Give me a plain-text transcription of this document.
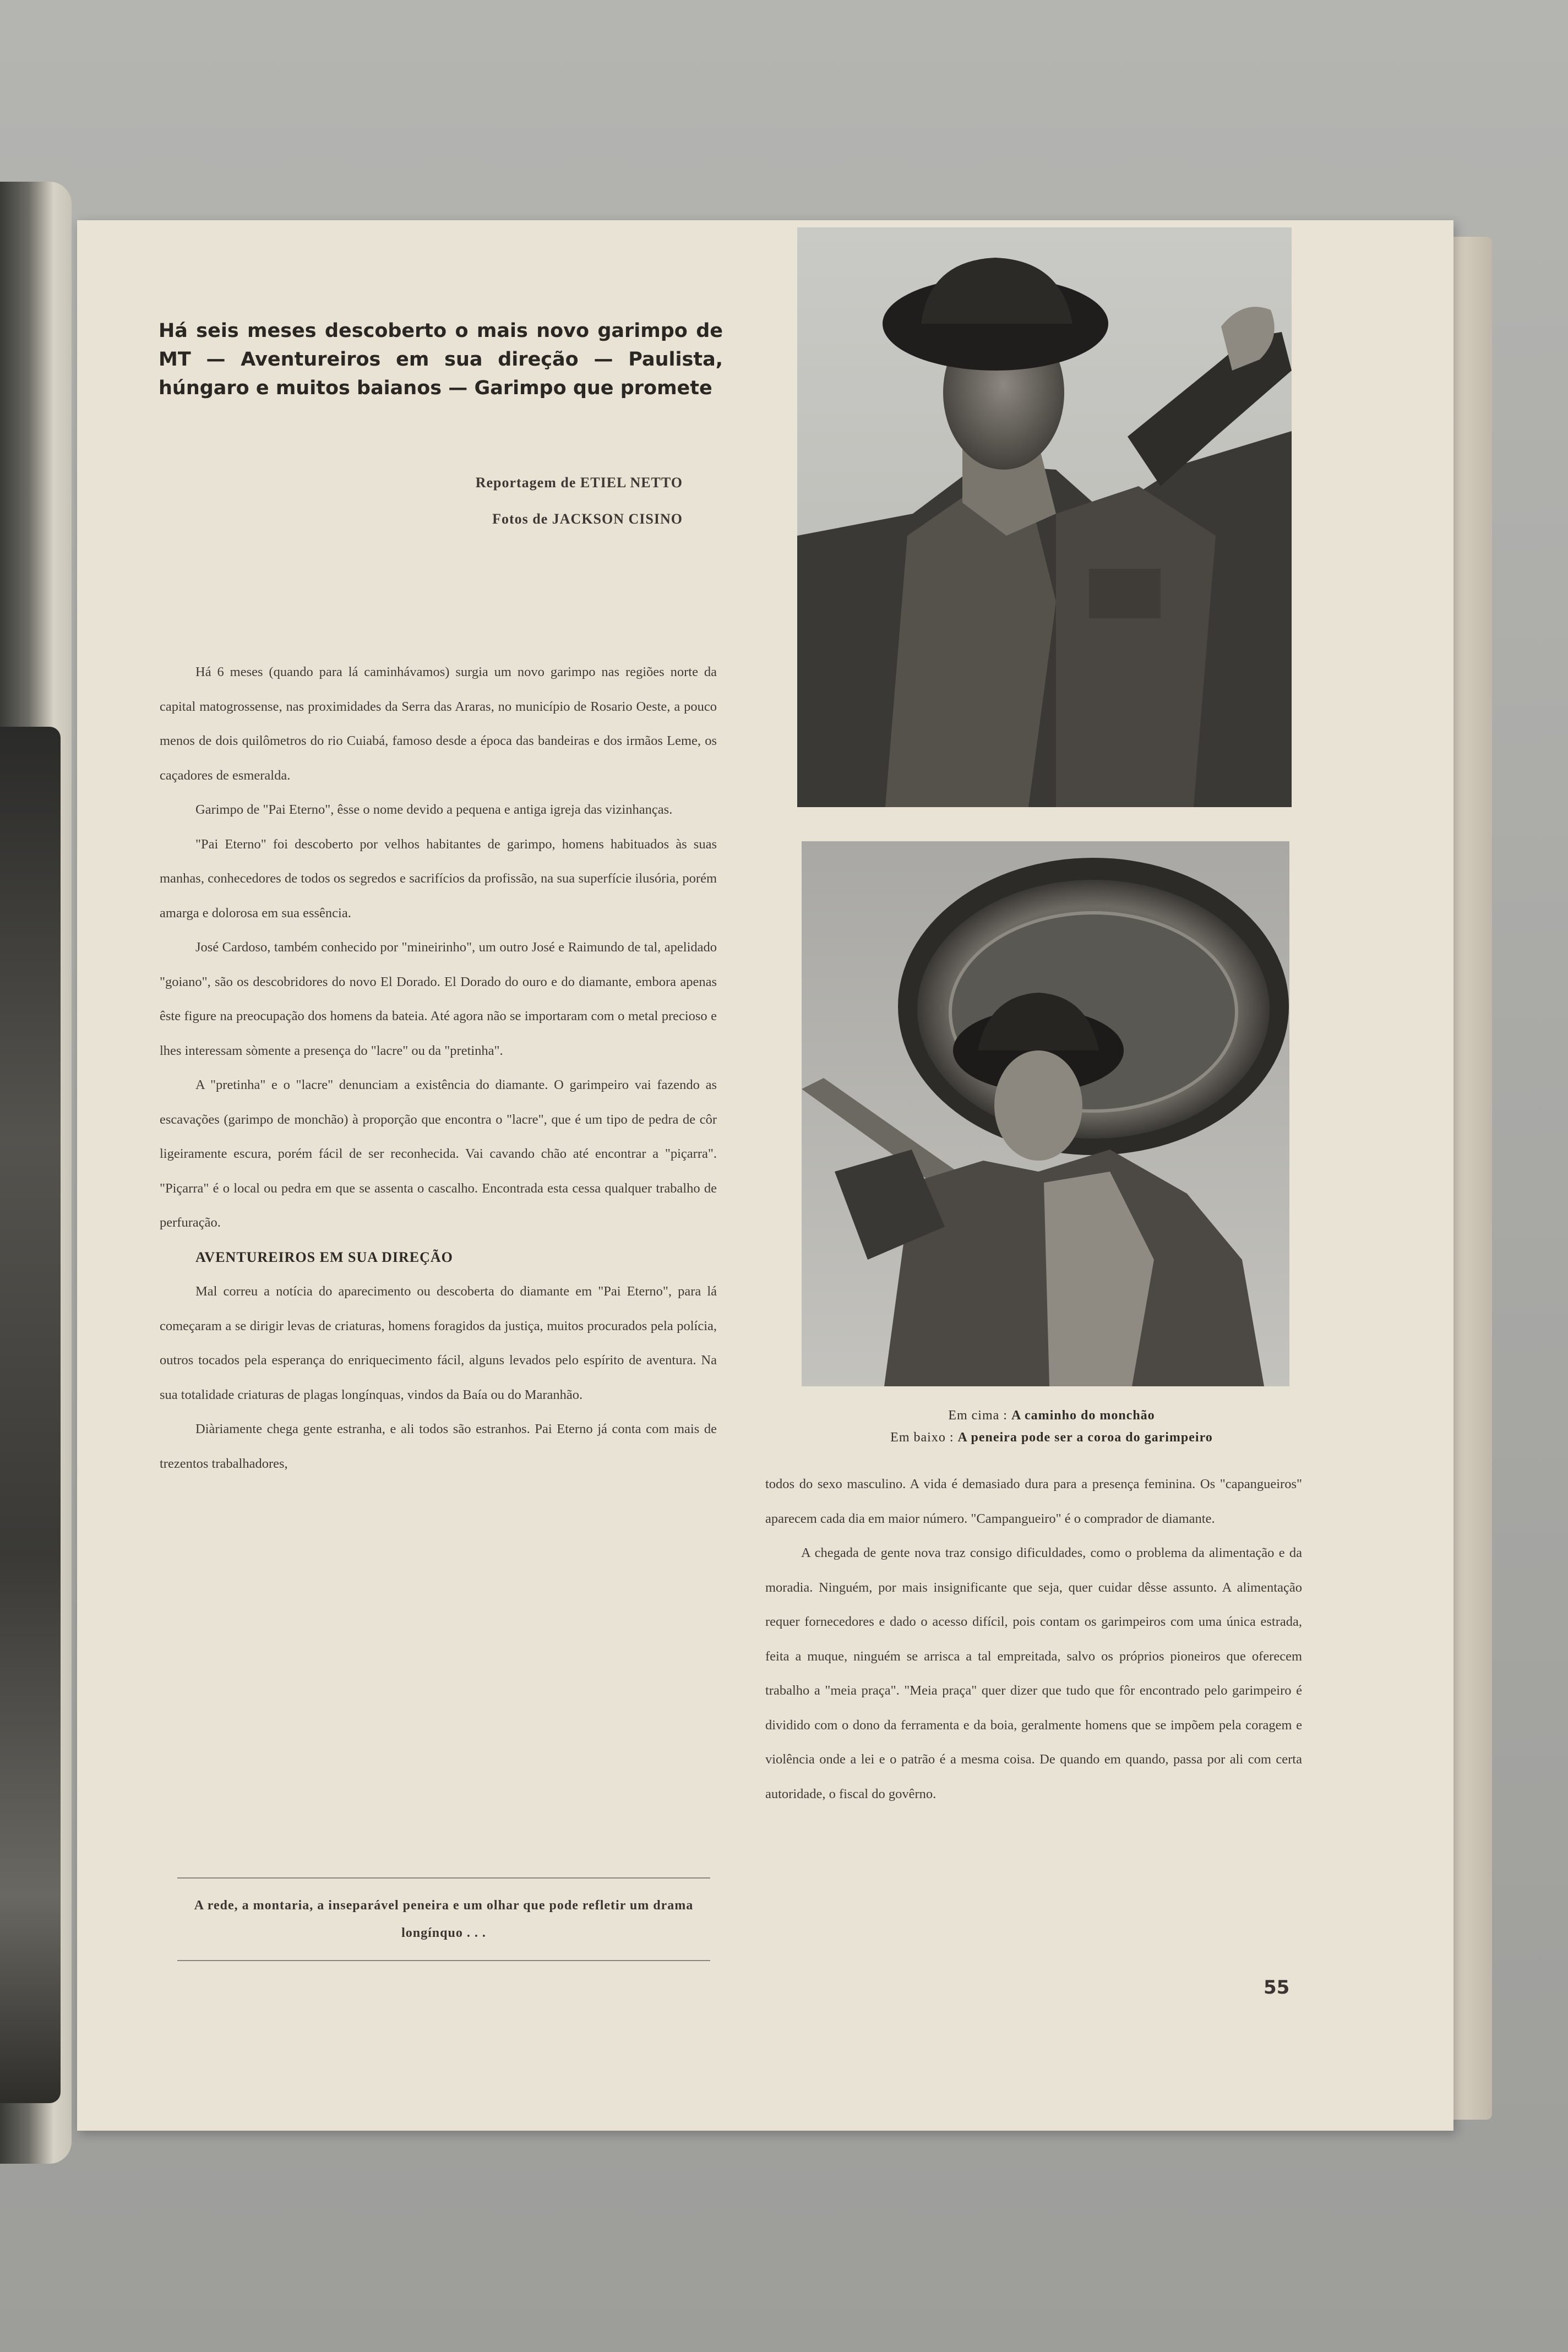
Há seis meses descoberto o mais novo garimpo de MT — Aventureiros em sua direção — Paulista, húngaro e muitos baianos — Garimpo que promete

Reportagem de ETIEL NETTO
Fotos de JACKSON CISINO

Há 6 meses (quando para lá caminhávamos) surgia um novo garimpo nas regiões norte da capital matogrossense, nas proximidades da Serra das Araras, no município de Rosario Oeste, a pouco menos de dois quilômetros do rio Cuiabá, famoso desde a época das bandeiras e dos irmãos Leme, os caçadores de esmeralda.

Garimpo de "Pai Eterno", êsse o nome devido a pequena e antiga igreja das vizinhanças.

"Pai Eterno" foi descoberto por velhos habitantes de garimpo, homens habituados às suas manhas, conhecedores de todos os segredos e sacrifícios da profissão, na sua superfície ilusória, porém amarga e dolorosa em sua essência.

José Cardoso, também conhecido por "mineirinho", um outro José e Raimundo de tal, apelidado "goiano", são os descobridores do novo El Dorado. El Dorado do ouro e do diamante, embora apenas êste figure na preocupação dos homens da bateia. Até agora não se importaram com o metal precioso e lhes interessam sòmente a presença do "lacre" ou da "pretinha".

A "pretinha" e o "lacre" denunciam a existência do diamante. O garimpeiro vai fazendo as escavações (garimpo de monchão) à proporção que encontra o "lacre", que é um tipo de pedra de côr ligeiramente escura, porém fácil de ser reconhecida. Vai cavando chão até encontrar a "piçarra". "Piçarra" é o local ou pedra em que se assenta o cascalho. Encontrada esta cessa qualquer trabalho de perfuração.

AVENTUREIROS EM SUA DIREÇÃO

Mal correu a notícia do aparecimento ou descoberta do diamante em "Pai Eterno", para lá começaram a se dirigir levas de criaturas, homens foragidos da justiça, muitos procurados pela polícia, outros tocados pela esperança do enriquecimento fácil, alguns levados pelo espírito de aventura. Na sua totalidade criaturas de plagas longínquas, vindos da Baía ou do Maranhão.

Diàriamente chega gente estranha, e ali todos são estranhos. Pai Eterno já conta com mais de trezentos trabalhadores,

A rede, a montaria, a inseparável peneira e um olhar que pode refletir um drama longínquo . . .
Em cima : A caminho do monchão
Em baixo : A peneira pode ser a coroa do garimpeiro

todos do sexo masculino. A vida é demasiado dura para a presença feminina. Os "capangueiros" aparecem cada dia em maior número. "Campangueiro" é o comprador de diamante.

A chegada de gente nova traz consigo dificuldades, como o problema da alimentação e da moradia. Ninguém, por mais insignificante que seja, quer cuidar dêsse assunto. A alimentação requer fornecedores e dado o acesso difícil, pois contam os garimpeiros com uma única estrada, feita a muque, ninguém se arrisca a tal empreitada, salvo os próprios pioneiros que oferecem trabalho a "meia praça". "Meia praça" quer dizer que tudo que fôr encontrado pelo garimpeiro é dividido com o dono da ferramenta e da boia, geralmente homens que se impõem pela coragem e violência onde a lei e o patrão é a mesma coisa. De quando em quando, passa por ali com certa autoridade, o fiscal do govêrno.

55
